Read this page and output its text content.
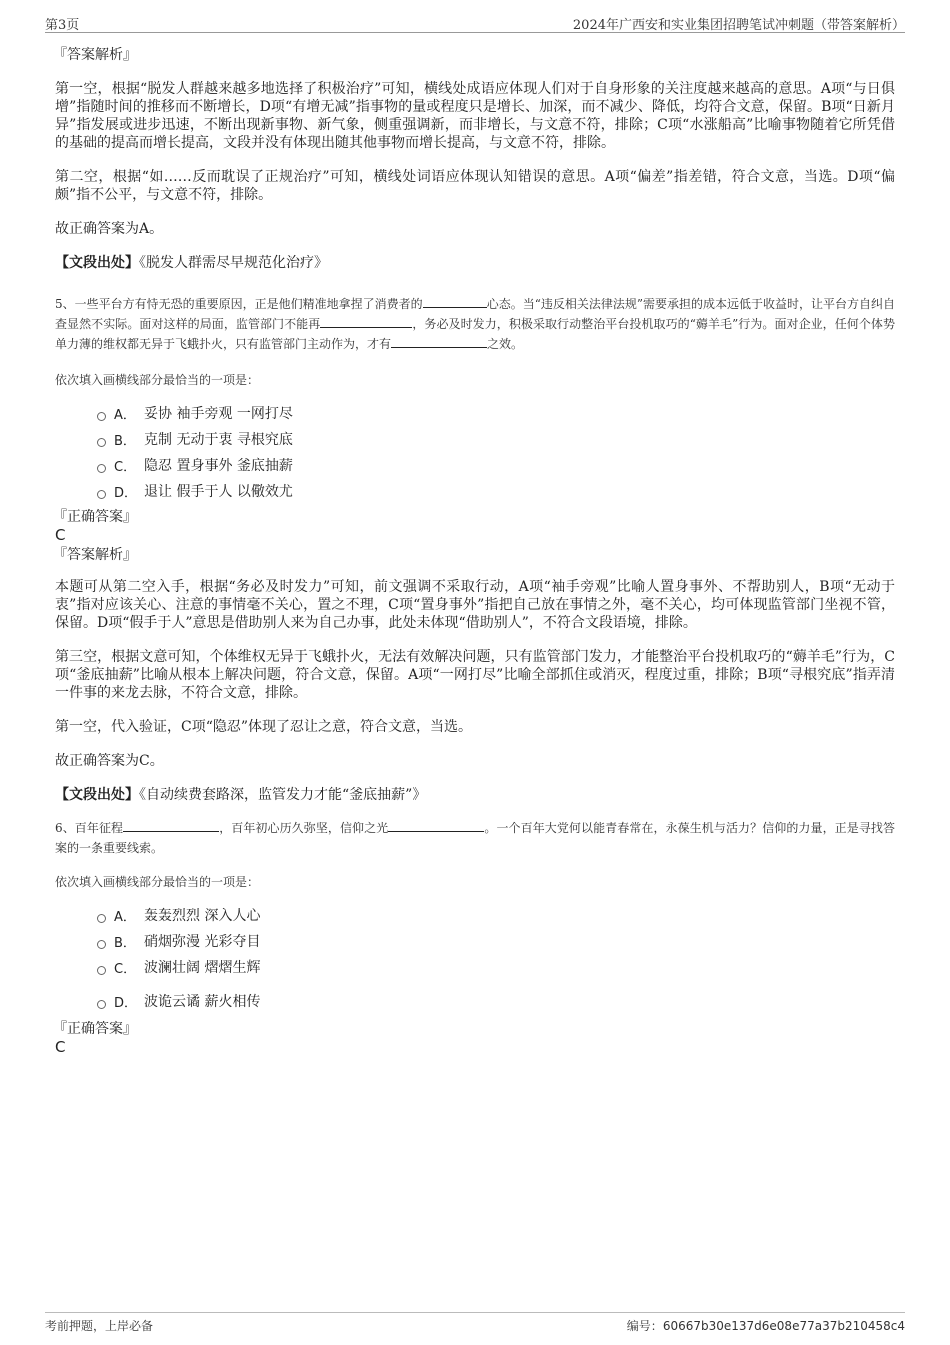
第3页	2024年广西安和实业集团招聘笔试冲刺题（带答案解析）

『答案解析』

第一空，根据“脱发人群越来越多地选择了积极治疗”可知，横线处成语应体现人们对于自身形象的关注度越来越高的意思。A项“与日俱增”指随时间的推移而不断增长，D项“有增无减”指事物的量或程度只是增长、加深，而不减少、降低，均符合文意，保留。B项“日新月异”指发展或进步迅速，不断出现新事物、新气象，侧重强调新，而非增长，与文意不符，排除；C项“水涨船高”比喻事物随着它所凭借的基础的提高而增长提高，文段并没有体现出随其他事物而增长提高，与文意不符，排除。

第二空，根据“如……反而耽误了正规治疗”可知，横线处词语应体现认知错误的意思。A项“偏差”指差错，符合文意，当选。D项“偏颇”指不公平，与文意不符，排除。

故正确答案为A。

【文段出处】《脱发人群需尽早规范化治疗》

5、一些平台方有恃无恐的重要原因，正是他们精准地拿捏了消费者的	心态。当“违反相关法律法规”需要承担的成本远低于收益时，让平台方自纠自查显然不实际。面对这样的局面，监管部门不能再	，务必及时发力，积极采取行动整治平台投机取巧的“薅羊毛”行为。面对企业，任何个体势单力薄的维权都无异于飞蛾扑火，只有监管部门主动作为，才有	之效。

依次填入画横线部分最恰当的一项是：

A． 妥协 袖手旁观 一网打尽
B． 克制 无动于衷 寻根究底
C． 隐忍 置身事外 釜底抽薪
D． 退让 假手于人 以儆效尤

『正确答案』

C

『答案解析』

本题可从第二空入手，根据“务必及时发力”可知，前文强调不采取行动，A项“袖手旁观”比喻人置身事外、不帮助别人，B项“无动于衷”指对应该关心、注意的事情毫不关心，置之不理，C项“置身事外”指把自己放在事情之外，毫不关心，均可体现监管部门坐视不管，保留。D项“假手于人”意思是借助别人来为自己办事，此处未体现“借助别人”，不符合文段语境，排除。

第三空，根据文意可知，个体维权无异于飞蛾扑火，无法有效解决问题，只有监管部门发力，才能整治平台投机取巧的“薅羊毛”行为，C项“釜底抽薪”比喻从根本上解决问题，符合文意，保留。A项“一网打尽”比喻全部抓住或消灭，程度过重，排除；B项“寻根究底”指弄清一件事的来龙去脉，不符合文意，排除。

第一空，代入验证，C项“隐忍”体现了忍让之意，符合文意，当选。

故正确答案为C。

【文段出处】《自动续费套路深，监管发力才能“釜底抽薪”》

6、百年征程	，百年初心历久弥坚，信仰之光	。一个百年大党何以能青春常在，永葆生机与活力？信仰的力量，正是寻找答案的一条重要线索。

依次填入画横线部分最恰当的一项是：

A． 轰轰烈烈 深入人心
B． 硝烟弥漫 光彩夺目
C． 波澜壮阔 熠熠生辉
D． 波诡云谲 薪火相传

『正确答案』

C

考前押题，上岸必备	编号：60667b30e137d6e08e77a37b210458c4
